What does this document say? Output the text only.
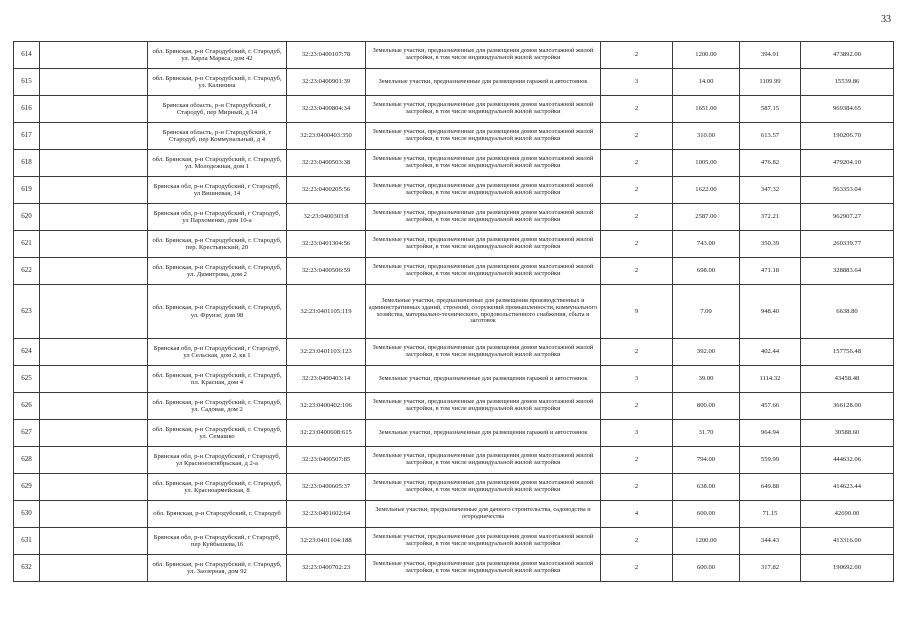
33
614		обл. Брянская, р-н Стародубский, г. Стародуб, ул. Карла Маркса, дом 42	32:23:0400107:78	Земельные участки, предназначенные для размещения домов малоэтажной жилой застройки, в том числе индивидуальной жилой застройки	2	1200.00	394.91	473892.00
615		обл. Брянская, р-н Стародубский, г. Стародуб, ул. Калинина	32:23:0400901:39	Земельные участки, предназначенные для размещения гаражей и автостоянок	3	14.00	1109.99	15539.86
616		Брянская область, р-н Стародубский, г Стародуб, пер Мирный, д 14	32:23:0400804:34	Земельные участки, предназначенные для размещения домов малоэтажной жилой застройки, в том числе индивидуальной жилой застройки	2	1651.00	587.15	969384.65
617		Брянская область, р-н Стародубский, г Стародуб, пер Коммунальный, д 4	32:23:0400403:350	Земельные участки, предназначенные для размещения домов малоэтажной жилой застройки, в том числе индивидуальной жилой застройки	2	310.00	613.57	190206.70
618		обл. Брянская, р-н Стародубский, г. Стародуб, ул. Молодежная, дом 1	32:23:0400503:38	Земельные участки, предназначенные для размещения домов малоэтажной жилой застройки, в том числе индивидуальной жилой застройки	2	1005.00	476.82	479204.10
619		Брянская обл, р-н Стародубский, г Стародуб, ул Вишневая, 14	32:23:0400205:56	Земельные участки, предназначенные для размещения домов малоэтажной жилой застройки, в том числе индивидуальной жилой застройки	2	1622.00	347.32	563353.04
620		Брянская обл, р-н Стародубский, г Стародуб, ул Пархоменко, дом 10-а	32:23:0400303:8	Земельные участки, предназначенные для размещения домов малоэтажной жилой застройки, в том числе индивидуальной жилой застройки	2	2587.00	372.21	962907.27
621		обл. Брянская, р-н Стародубский, г. Стародуб, пер. Крестьянский, 20	32:23:0401304:56	Земельные участки, предназначенные для размещения домов малоэтажной жилой застройки, в том числе индивидуальной жилой застройки	2	743.00	350.39	260339.77
622		обл. Брянская, р-н Стародубский, г. Стародуб, ул. Димитрова, дом 2	32:23:0400506:59	Земельные участки, предназначенные для размещения домов малоэтажной жилой застройки, в том числе индивидуальной жилой застройки	2	698.00	471.18	328883.64
623		обл. Брянская, р-н Стародубский, г. Стародуб, ул. Фрунзе, дом 98	32:23:0401105:119	Земельные участки, предназначенные для размещения производственных и административных зданий, строений, сооружений промышленности, коммунального хозяйства, материально-технического, продовольственного снабжения, сбыта и заготовок	9	7.00	948.40	6638.80
624		Брянская обл, р-н Стародубский, г Стародуб, ул Сельская, дом 2, кв 1	32:23:0401103:123	Земельные участки, предназначенные для размещения домов малоэтажной жилой застройки, в том числе индивидуальной жилой застройки	2	392.00	402.44	157756.48
625		обл. Брянская, р-н Стародубский, г. Стародуб, пл. Красная, дом 4	32:23:0400403:14	Земельные участки, предназначенные для размещения гаражей и автостоянок	3	39.00	1114.32	43458.48
626		обл. Брянская, р-н Стародубский, г. Стародуб, ул. Садовая, дом 2	32:23:0400402:106	Земельные участки, предназначенные для размещения домов малоэтажной жилой застройки, в том числе индивидуальной жилой застройки	2	800.00	457.66	366128.00
627		обл. Брянская, р-н Стародубский, г. Стародуб, ул. Семашко	32:23:0400608:615	Земельные участки, предназначенные для размещения гаражей и автостоянок	3	31.70	964.94	30588.60
628		Брянская обл, р-н Стародубский, г Стародуб, ул Красноеоктябрьская, д 2-а	32:23:0400507:85	Земельные участки, предназначенные для размещения домов малоэтажной жилой застройки, в том числе индивидуальной жилой застройки	2	794.00	559.99	444632.06
629		обл. Брянская, р-н Стародубский, г. Стародуб, ул. Красноармейская, 8	32:23:0400605:37	Земельные участки, предназначенные для размещения домов малоэтажной жилой застройки, в том числе индивидуальной жилой застройки	2	638.00	649.88	414623.44
630		обл. Брянская, р-н Стародубский, г. Стародуб	32:23:0401602:64	Земельные участки, предназначенные для дачного строительства, садоводства и огородничества	4	600.00	71.15	42690.00
631		Брянская обл, р-н Стародубский, г Стародуб, пер Куйбышева,16	32:23:0401104:188	Земельные участки, предназначенные для размещения домов малоэтажной жилой застройки, в том числе индивидуальной жилой застройки	2	1200.00	344.43	413316.00
632		обл. Брянская, р-н Стародубский, г. Стародуб, ул. Заозерная, дом 92	32:23:0400702:23	Земельные участки, предназначенные для размещения домов малоэтажной жилой застройки, в том числе индивидуальной жилой застройки	2	600.00	317.82	190692.00
